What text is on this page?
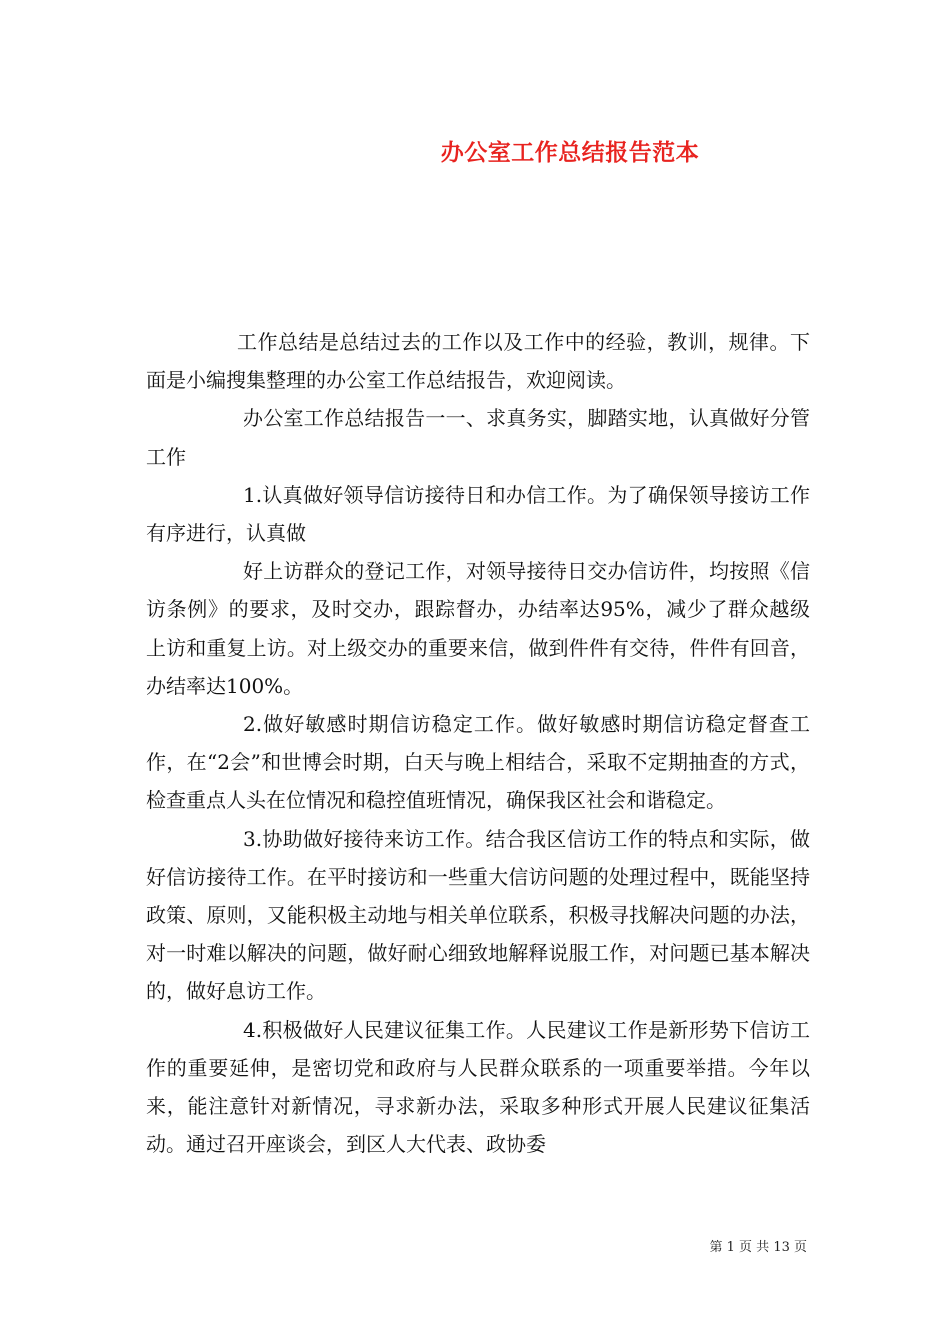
办公室工作总结报告范本

工作总结是总结过去的工作以及工作中的经验，教训，规律。下面是小编搜集整理的办公室工作总结报告，欢迎阅读。

办公室工作总结报告一一、求真务实，脚踏实地，认真做好分管工作

1.认真做好领导信访接待日和办信工作。为了确保领导接访工作有序进行，认真做

好上访群众的登记工作，对领导接待日交办信访件，均按照《信访条例》的要求，及时交办，跟踪督办，办结率达95%，减少了群众越级上访和重复上访。对上级交办的重要来信，做到件件有交待，件件有回音，办结率达100%。

2.做好敏感时期信访稳定工作。做好敏感时期信访稳定督查工作，在“2会”和世博会时期，白天与晚上相结合，采取不定期抽查的方式，检查重点人头在位情况和稳控值班情况，确保我区社会和谐稳定。

3.协助做好接待来访工作。结合我区信访工作的特点和实际，做好信访接待工作。在平时接访和一些重大信访问题的处理过程中，既能坚持政策、原则，又能积极主动地与相关单位联系，积极寻找解决问题的办法，对一时难以解决的问题，做好耐心细致地解释说服工作，对问题已基本解决的，做好息访工作。

4.积极做好人民建议征集工作。人民建议工作是新形势下信访工作的重要延伸，是密切党和政府与人民群众联系的一项重要举措。今年以来，能注意针对新情况，寻求新办法，采取多种形式开展人民建议征集活动。通过召开座谈会，到区人大代表、政协委

第 1 页 共 13 页
